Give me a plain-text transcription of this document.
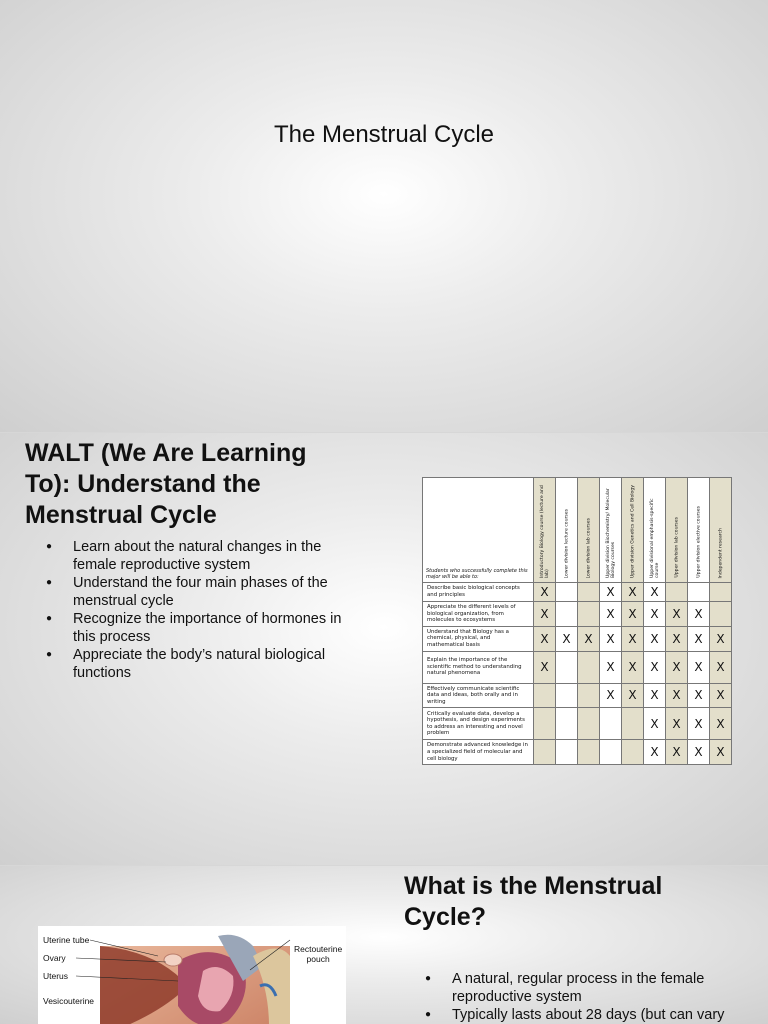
The Menstrual Cycle
WALT (We Are Learning To): Understand the Menstrual Cycle
● Learn about the natural changes in the female reproductive system
● Understand the four main phases of the menstrual cycle
● Recognize the importance of hormones in this process
● Appreciate the body’s natural biological functions
Students who successfully complete this major will be able to:	Introductory Biology course (lecture and lab)	Lower division lecture courses	Lower division lab courses	Upper division Biochemistry/ Molecular Biology courses	Upper division Genetics and Cell Biology	Upper divisional emphasis-specific course	Upper division lab courses	Upper division elective courses	Independent research

Describe basic biological concepts and principles	X			X	X	X			
Appreciate the different levels of biological organization, from molecules to ecosystems	X			X	X	X	X	X	
Understand that Biology has a chemical, physical, and mathematical basis	X	X	X	X	X	X	X	X	X
Explain the importance of the scientific method to understanding natural phenomena	X			X	X	X	X	X	X
Effectively communicate scientific data and ideas, both orally and in writing				X	X	X	X	X	X
Critically evaluate data, develop a hypothesis, and design experiments to address an interesting and novel problem						X	X	X	X
Demonstrate advanced knowledge in a specialized field of molecular and cell biology						X	X	X	X
What is the Menstrual Cycle?
● A natural, regular process in the female reproductive system
● Typically lasts about 28 days (but can vary
Uterine tube
Ovary
Uterus
Vesicouterine
Rectouterine
pouch
